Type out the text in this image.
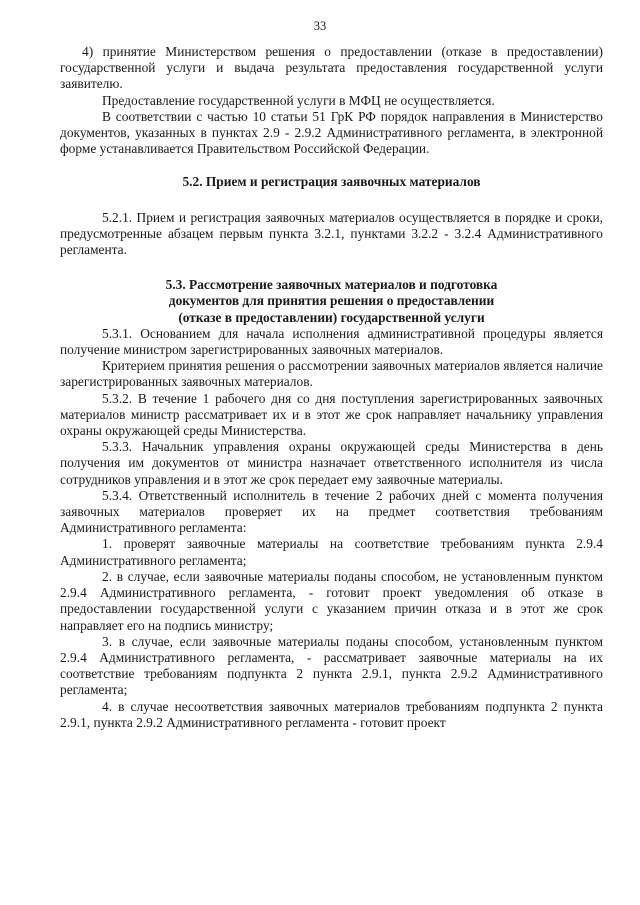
33

4) принятие Министерством решения о предоставлении (отказе в предоставлении) государственной услуги и выдача результата предоставления государственной услуги заявителю.

Предоставление государственной услуги в МФЦ не осуществляется.

В соответствии с частью 10 статьи 51 ГрК РФ порядок направления в Министерство документов, указанных в пунктах 2.9 - 2.9.2 Административного регламента, в электронной форме устанавливается Правительством Российской Федерации.

5.2. Прием и регистрация заявочных материалов

5.2.1. Прием и регистрация заявочных материалов осуществляется в порядке и сроки, предусмотренные абзацем первым пункта 3.2.1, пунктами 3.2.2 - 3.2.4 Административного регламента.

5.3. Рассмотрение заявочных материалов и подготовка
документов для принятия решения о предоставлении
(отказе в предоставлении) государственной услуги

5.3.1. Основанием для начала исполнения административной процедуры является получение министром зарегистрированных заявочных материалов.

Критерием принятия решения о рассмотрении заявочных материалов является наличие зарегистрированных заявочных материалов.

5.3.2. В течение 1 рабочего дня со дня поступления зарегистрированных заявочных материалов министр рассматривает их и в этот же срок направляет начальнику управления охраны окружающей среды Министерства.

5.3.3. Начальник управления охраны окружающей среды Министерства в день получения им документов от министра назначает ответственного исполнителя из числа сотрудников управления и в этот же срок передает ему заявочные материалы.

5.3.4. Ответственный исполнитель в течение 2 рабочих дней с момента получения заявочных материалов проверяет их на предмет соответствия требованиям Административного регламента:

1. проверят заявочные материалы на соответствие требованиям пункта 2.9.4 Административного регламента;

2. в случае, если заявочные материалы поданы способом, не установленным пунктом 2.9.4 Административного регламента, - готовит проект уведомления об отказе в предоставлении государственной услуги с указанием причин отказа и в этот же срок направляет его на подпись министру;

3. в случае, если заявочные материалы поданы способом, установленным пунктом 2.9.4 Административного регламента, - рассматривает заявочные материалы на их соответствие требованиям подпункта 2 пункта 2.9.1, пункта 2.9.2 Административного регламента;

4. в случае несоответствия заявочных материалов требованиям подпункта 2 пункта 2.9.1, пункта 2.9.2 Административного регламента - готовит проект
